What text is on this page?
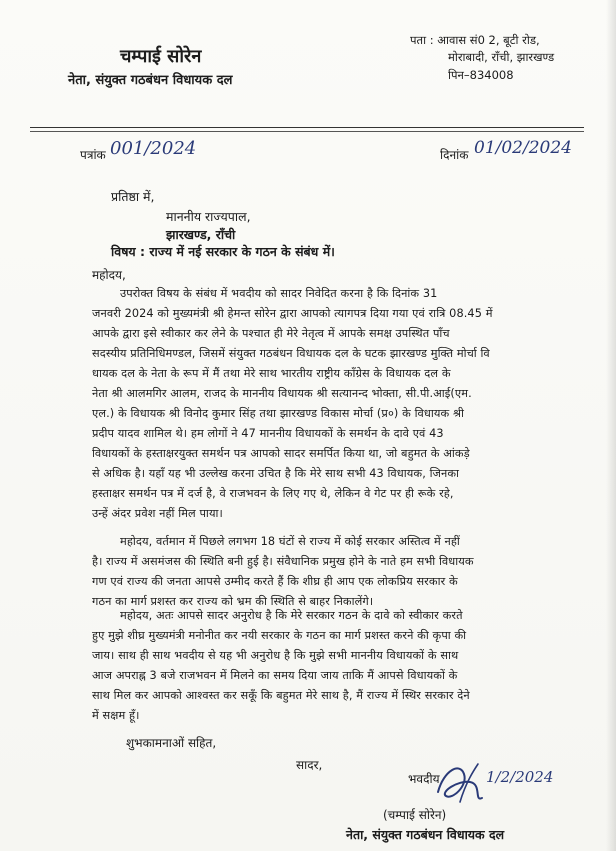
चम्पाई सोरेन
नेता, संयुक्त गठबंधन विधायक दल
पता : आवास सं0 2, बूटी रोड,
मोराबादी, राँची, झारखण्ड
पिन–834008
पत्रांक 001/2024	दिनांक 01/02/2024
प्रतिष्ठा में,
माननीय राज्यपाल,
झारखण्ड, राँची
विषय : राज्य में नई सरकार के गठन के संबंध में।
महोदय,
उपरोक्त विषय के संबंध में भवदीय को सादर निवेदित करना है कि दिनांक 31
जनवरी 2024 को मुख्यमंत्री श्री हेमन्त सोरेन द्वारा आपको त्यागपत्र दिया गया एवं रात्रि 08.45 में
आपके द्वारा इसे स्वीकार कर लेने के पश्चात ही मेरे नेतृत्व में आपके समक्ष उपस्थित पाँच
सदस्यीय प्रतिनिधिमण्डल, जिसमें संयुक्त गठबंधन विधायक दल के घटक झारखण्ड मुक्ति मोर्चा वि
धायक दल के नेता के रूप में मैं तथा मेरे साथ भारतीय राष्ट्रीय कॉंग्रेस के विधायक दल के
नेता श्री आलमगिर आलम, राजद के माननीय विधायक श्री सत्यानन्द भोक्ता, सी.पी.आई(एम.
एल.) के विधायक श्री विनोद कुमार सिंह तथा झारखण्ड विकास मोर्चा (प्र०) के विधायक श्री
प्रदीप यादव शामिल थे। हम लोगों ने 47 माननीय विधायकों के समर्थन के दावे एवं 43
विधायकों के हस्ताक्षरयुक्त समर्थन पत्र आपको सादर समर्पित किया था, जो बहुमत के आंकड़े
से अधिक है। यहाँ यह भी उल्लेख करना उचित है कि मेरे साथ सभी 43 विधायक, जिनका
हस्ताक्षर समर्थन पत्र में दर्ज है, वे राजभवन के लिए गए थे, लेकिन वे गेट पर ही रूके रहे,
उन्हें अंदर प्रवेश नहीं मिल पाया।
महोदय, वर्तमान में पिछले लगभग 18 घंटों से राज्य में कोई सरकार अस्तित्व में नहीं
है। राज्य में असमंजस की स्थिति बनी हुई है। संवैधानिक प्रमुख होने के नाते हम सभी विधायक
गण एवं राज्य की जनता आपसे उम्मीद करते हैं कि शीघ्र ही आप एक लोकप्रिय सरकार के
गठन का मार्ग प्रशस्त कर राज्य को भ्रम की स्थिति से बाहर निकालेंगे।
महोदय, अतः आपसे सादर अनुरोध है कि मेरे सरकार गठन के दावे को स्वीकार करते
हुए मुझे शीघ्र मुख्यमंत्री मनोनीत कर नयी सरकार के गठन का मार्ग प्रशस्त करने की कृपा की
जाय। साथ ही साथ भवदीय से यह भी अनुरोध है कि मुझे सभी माननीय विधायकों के साथ
शुभकामनाओं सहित,
सादर,
भवदीय,	1/2/2024
(चम्पाई सोरेन)
नेता, संयुक्त गठबंधन विधायक दल
आज अपराह्न 3 बजे राजभवन में मिलने का समय दिया जाय ताकि मैं आपसे विधायकों के
साथ मिल कर आपको आश्वस्त कर सकूँ कि बहुमत मेरे साथ है, मैं राज्य में स्थिर सरकार देने
में सक्षम हूँ।
